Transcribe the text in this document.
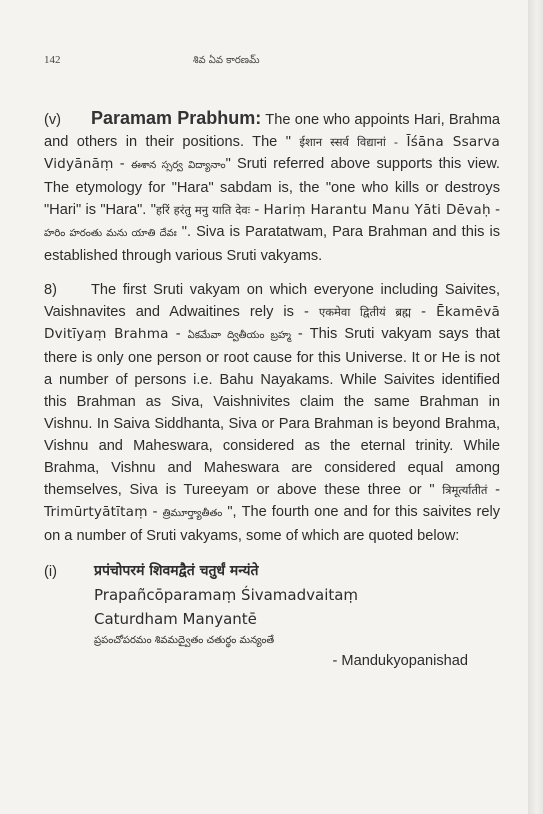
142	శివ ఏవ కారణమ్

(v) Paramam Prabhum: The one who appoints Hari, Brahma and others in their positions. The " ईशान स्सर्व विद्यानां - Īśāna Ssarva Vidyānāṃ - ఈశాన స్సర్వ విద్యానాం" Sruti referred above supports this view. The etymology for "Hara" sabdam is, the "one who kills or destroys "Hari" is "Hara". "हरिं हरंतु मनु याति देवः - Hariṃ Harantu Manu Yāti Dēvaḥ - హరిం హరంతు మను యాతి దేవః ". Siva is Paratatwam, Para Brahman and this is established through various Sruti vakyams.

8) The first Sruti vakyam on which everyone including Saivites, Vaishnavites and Adwaitines rely is - एकमेवा द्वितीयं ब्रह्म - Ēkamēvā Dvitīyaṃ Brahma - ఏకమేవా ద్వితీయం బ్రహ్మ - This Sruti vakyam says that there is only one person or root cause for this Universe. It or He is not a number of persons i.e. Bahu Nayakams. While Saivites identified this Brahman as Siva, Vaishnivites claim the same Brahman in Vishnu. In Saiva Siddhanta, Siva or Para Brahman is beyond Brahma, Vishnu and Maheswara, considered as the eternal trinity. While Brahma, Vishnu and Maheswara are considered equal among themselves, Siva is Tureeyam or above these three or " त्रिमूर्त्यातीतं - Trimūrtyātītaṃ - త్రిమూర్త్యాతీతం ", The fourth one and for this saivites rely on a number of Sruti vakyams, some of which are quoted below:

(i)	प्रपंचोपरमं शिवमद्वैतं चतुर्धं मन्यंते
Prapañcōparamaṃ Śivamadvaitaṃ
Caturdham Manyantē
ప్రపంచోపరమం శివమద్వైతం చతుర్థం మన్యంతే
- Mandukyopanishad
